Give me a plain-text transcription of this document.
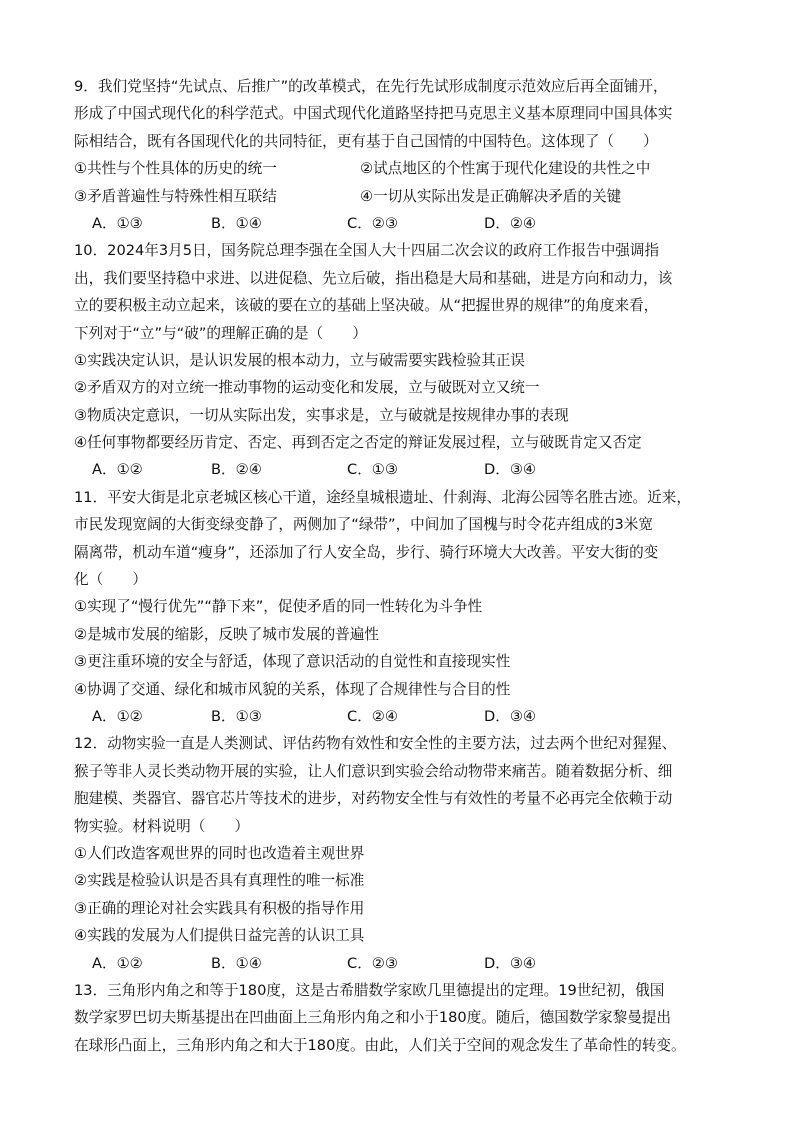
9．我们党坚持“先试点、后推广”的改革模式，在先行先试形成制度示范效应后再全面铺开，
形成了中国式现代化的科学范式。中国式现代化道路坚持把马克思主义基本原理同中国具体实
际相结合，既有各国现代化的共同特征，更有基于自己国情的中国特色。这体现了（　　）
①共性与个性具体的历史的统一	②试点地区的个性寓于现代化建设的共性之中
③矛盾普遍性与特殊性相互联结	④一切从实际出发是正确解决矛盾的关键
A．①③	B．①④	C．②③	D．②④
10．2024年3月5日，国务院总理李强在全国人大十四届二次会议的政府工作报告中强调指
出，我们要坚持稳中求进、以进促稳、先立后破，指出稳是大局和基础，进是方向和动力，该
立的要积极主动立起来，该破的要在立的基础上坚决破。从“把握世界的规律”的角度来看，
下列对于“立”与“破”的理解正确的是（　　）
①实践决定认识，是认识发展的根本动力，立与破需要实践检验其正误
②矛盾双方的对立统一推动事物的运动变化和发展，立与破既对立又统一
③物质决定意识，一切从实际出发，实事求是，立与破就是按规律办事的表现
④任何事物都要经历肯定、否定、再到否定之否定的辩证发展过程，立与破既肯定又否定
A．①②	B．②④	C．①③	D．③④
11．平安大街是北京老城区核心干道，途经皇城根遗址、什刹海、北海公园等名胜古迹。近来，
市民发现宽阔的大街变绿变静了，两侧加了“绿带”，中间加了国槐与时令花卉组成的3米宽
隔离带，机动车道“瘦身”，还添加了行人安全岛，步行、骑行环境大大改善。平安大街的变
化（　　）
①实现了“慢行优先”“静下来”，促使矛盾的同一性转化为斗争性
②是城市发展的缩影，反映了城市发展的普遍性
③更注重环境的安全与舒适，体现了意识活动的自觉性和直接现实性
④协调了交通、绿化和城市风貌的关系，体现了合规律性与合目的性
A．①②	B．①③	C．②④	D．③④
12．动物实验一直是人类测试、评估药物有效性和安全性的主要方法，过去两个世纪对猩猩、
猴子等非人灵长类动物开展的实验，让人们意识到实验会给动物带来痛苦。随着数据分析、细
胞建模、类器官、器官芯片等技术的进步，对药物安全性与有效性的考量不必再完全依赖于动
物实验。材料说明（　　）
①人们改造客观世界的同时也改造着主观世界
②实践是检验认识是否具有真理性的唯一标准
③正确的理论对社会实践具有积极的指导作用
④实践的发展为人们提供日益完善的认识工具
A．①②	B．①④	C．②③	D．③④
13．三角形内角之和等于180度，这是古希腊数学家欧几里德提出的定理。19世纪初，俄国
数学家罗巴切夫斯基提出在凹曲面上三角形内角之和小于180度。随后，德国数学家黎曼提出
在球形凸面上，三角形内角之和大于180度。由此，人们关于空间的观念发生了革命性的转变。
